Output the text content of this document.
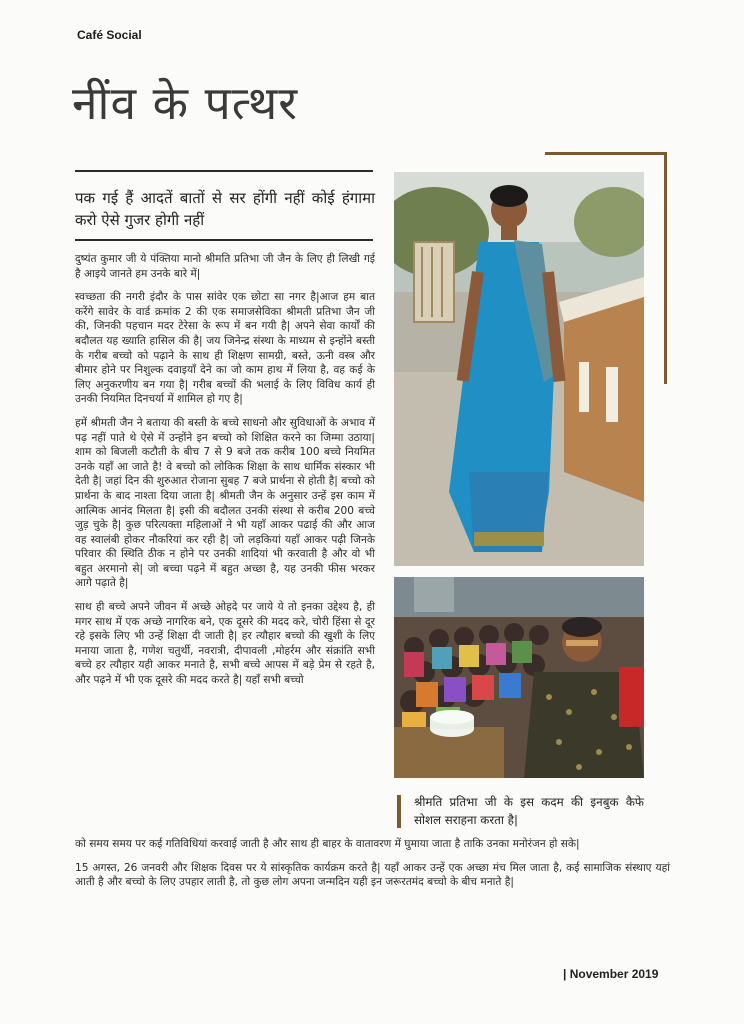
Café Social
नींव के पत्थर
पक गई हैं आदतें बातों से सर होंगी नहीं कोई हंगामा करो ऐसे गुजर होगी नहीं

दुष्यंत कुमार जी ये पंक्तिया मानो श्रीमति प्रतिभा जी जैन के लिए ही लिखी गई है आइये जानते हम उनके बारे में|

स्वच्छता की नगरी इंदौर के पास सांवेर एक छोटा सा नगर है|आज हम बात करेंगे सावेर के वार्ड क्रमांक 2 की एक समाजसेविका श्रीमती प्रतिभा जैन जी की, जिनकी पहचान मदर टेरेसा के रूप में बन गयी है| अपने सेवा कार्यों की बदौलत यह ख्याति हासिल की है| जय जिनेन्द्र संस्था के माध्यम से इन्होंने बस्ती के गरीब बच्चो को पढ़ाने के साथ ही शिक्षण सामग्री, बस्ते, ऊनी वस्त्र और बीमार होने पर निशुल्क दवाइयाँ देने का जो काम हाथ में लिया है, वह कई के लिए अनुकरणीय बन गया है| गरीब बच्चों की भलाई के लिए विविध कार्य ही उनकी नियमित दिनचर्या में शामिल हो गए है|

हमें श्रीमती जैन ने बताया की बस्ती के बच्चे साधनो और सुविधाओं के अभाव में पढ़ नहीं पाते थे ऐसे में उन्होंने इन बच्चो को शिक्षित करने का जिम्मा उठाया| शाम को बिजली कटौती के बीच 7 से 9 बजे तक करीब 100 बच्चे नियमित उनके यहाँ आ जाते है! वे बच्चो को लोकिक शिक्षा के साथ धार्मिक संस्कार भी देती है| जहां दिन की शुरुआत रोजाना सुबह 7 बजे प्रार्थना से होती है| बच्चो को प्रार्थना के बाद नाश्ता दिया जाता है| श्रीमती जैन के अनुसार उन्हें इस काम में आत्मिक आनंद मिलता है| इसी की बदौलत उनकी संस्था से करीब 200 बच्चे जुड़ चुके है| कुछ परित्यक्ता महिलाओं ने भी यहाँ आकर पढाई की और आज वह स्वालंबी होकर नौकरियां कर रही है| जो लड़कियां यहाँ आकर पढ़ी जिनके परिवार की स्थिति ठीक न होने पर उनकी शादियां भी करवाती है और वो भी बहुत अरमानो से| जो बच्चा पढ़ने में बहुत अच्छा है, यह उनकी फीस भरकर आगे पढ़ाते है|

साथ ही बच्चे अपने जीवन में अच्छे ओहदे पर जाये ये तो इनका उद्देश्य है, ही मगर साथ में एक अच्छे नागरिक बने, एक दूसरे की मदद करे, चोरी हिंसा से दूर रहे इसके लिए भी उन्हें शिक्षा दी जाती है| हर त्यौहार बच्चो की खुशी के लिए मनाया जाता है, गणेश चतुर्थी, नवरात्री, दीपावली ,मोहर्रम और संक्रांति सभी बच्चे हर त्यौहार यही आकर मनाते है, सभी बच्चे आपस में बड़े प्रेम से रहते है, और पढ़ने में भी एक दूसरे की मदद करते है| यहाँ सभी बच्चो

को समय समय पर कई गतिविधियां करवाई जाती है और साथ ही बाहर के वातावरण में घुमाया जाता है ताकि उनका मनोरंजन हो सके|

15 अगस्त, 26 जनवरी और शिक्षक दिवस पर ये सांस्कृतिक कार्यक्रम करते है| यहाँ आकर उन्हें एक अच्छा मंच मिल जाता है, कई सामाजिक संस्थाए यहां आती है और बच्चो के लिए उपहार लाती है, तो कुछ लोग अपना जन्मदिन यही इन जरूरतमंद बच्चो के बीच मनाते है|

श्रीमति प्रतिभा जी के इस कदम की इनबुक कैफे सोशल सराहना करता है|
| November 2019
